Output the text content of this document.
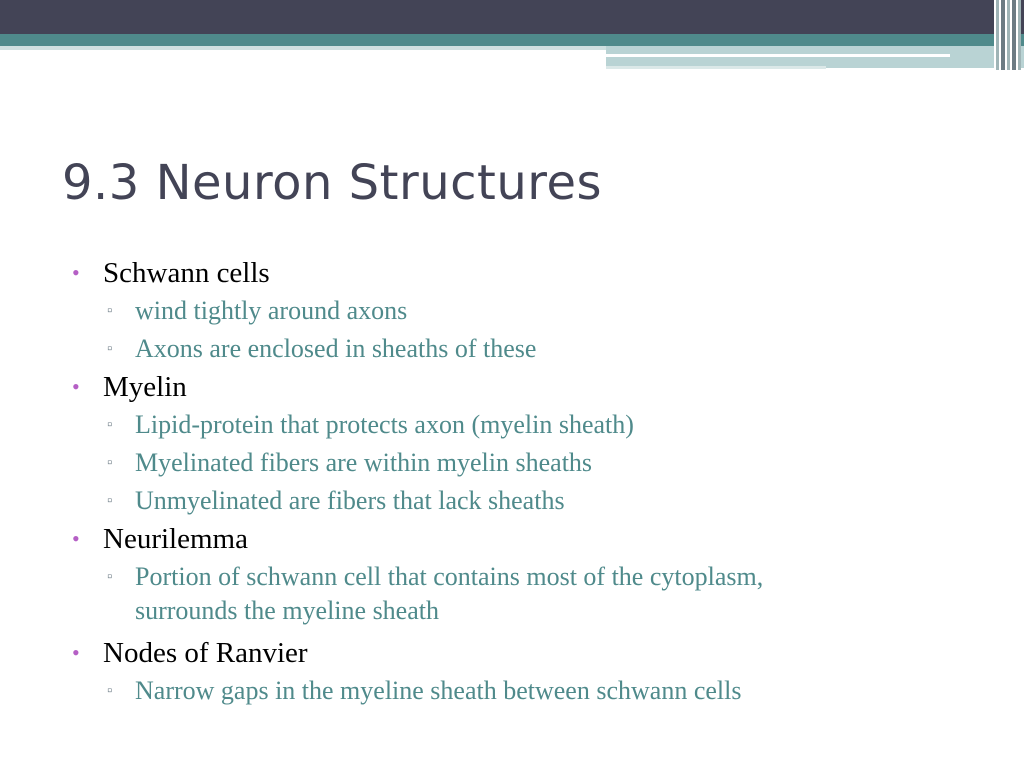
9.3 Neuron Structures
• Schwann cells
▫ wind tightly around axons
▫ Axons are enclosed in sheaths of these
• Myelin
▫ Lipid-protein that protects axon (myelin sheath)
▫ Myelinated fibers are within myelin sheaths
▫ Unmyelinated are fibers that lack sheaths
• Neurilemma
▫ Portion of schwann cell that contains most of the cytoplasm, surrounds the myeline sheath
• Nodes of Ranvier
▫ Narrow gaps in the myeline sheath between schwann cells
